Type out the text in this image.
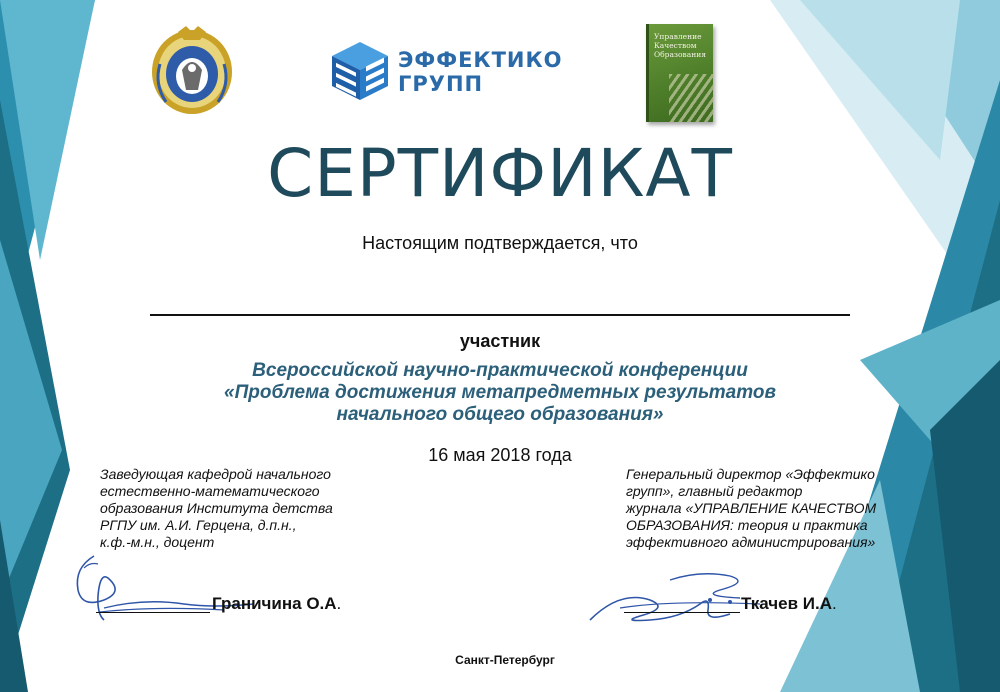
ЭФФЕКТИКО
ГРУПП
Управление Качеством Образования
СЕРТИФИКАТ
Настоящим подтверждается, что
участник
Всероссийской научно-практической конференции
«Проблема достижения метапредметных результатов
начального общего образования»
16 мая 2018 года
Заведующая кафедрой начального
естественно-математического
образования Института детства
РГПУ им. А.И. Герцена, д.п.н.,
к.ф.-м.н., доцент
Генеральный директор «Эффектико
групп», главный редактор
журнала «УПРАВЛЕНИЕ КАЧЕСТВОМ
ОБРАЗОВАНИЯ: теория и практика
эффективного администрирования»
Граничина О.А.	Ткачев И.А.
Санкт-Петербург
